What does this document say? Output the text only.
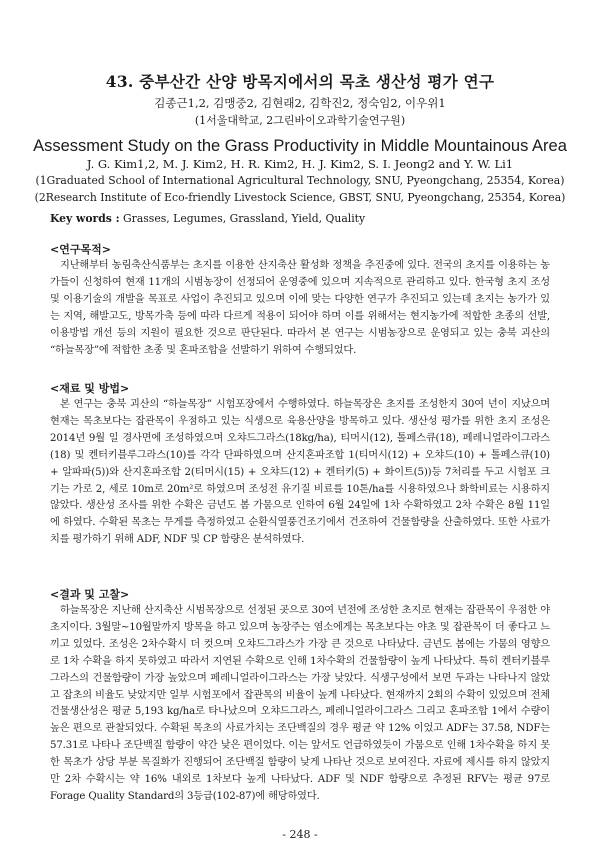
43. 중부산간 산양 방목지에서의 목초 생산성 평가 연구
김종근1,2, 김맹중2, 김현래2, 김학진2, 정숙임2, 이우위1
(1서울대학교, 2그린바이오과학기술연구원)
Assessment Study on the Grass Productivity in Middle Mountainous Area
J. G. Kim1,2, M. J. Kim2, H. R. Kim2, H. J. Kim2, S. I. Jeong2 and Y. W. Li1
(1Graduated School of International Agricultural Technology, SNU, Pyeongchang, 25354, Korea)
(2Research Institute of Eco-friendly Livestock Science, GBST, SNU, Pyeongchang, 25354, Korea)
Key words : Grasses, Legumes, Grassland, Yield, Quality
<연구목적>
지난해부터 농림축산식품부는 초지를 이용한 산지축산 활성화 정책을 추진중에 있다. 전국의 초지를 이용하는 농가들이 신청하여 현재 11개의 시범농장이 선정되어 운영중에 있으며 지속적으로 관리하고 있다. 한국형 초지 조성 및 이용기술의 개발을 목표로 사업이 추진되고 있으며 이에 맞는 다양한 연구가 추진되고 있는데 초지는 농가가 있는 지역, 해발고도, 방목가축 등에 따라 다르게 적용이 되어야 하며 이를 위해서는 현지농가에 적합한 초종의 선발, 이용방법 개선 등의 지원이 필요한 것으로 판단된다. 따라서 본 연구는 시범농장으로 운영되고 있는 충북 괴산의 “하늘목장”에 적합한 초종 및 혼파조합을 선발하기 위하여 수행되었다.
<재료 및 방법>
본 연구는 충북 괴산의 “하늘목장” 시험포장에서 수행하였다. 하늘목장은 초지를 조성한지 30여 년이 지났으며 현재는 목초보다는 잡관목이 우점하고 있는 식생으로 육용산양을 방목하고 있다. 생산성 평가를 위한 초지 조성은 2014년 9월 일 경사면에 조성하였으며 오챠드그라스(18kg/ha), 티머시(12), 톨페스큐(18), 페레니얼라이그라스(18) 및 켄터키블루그라스(10)를 각각 단파하였으며 산지혼파조합 1(티머시(12) + 오챠드(10) + 톨페스큐(10) + 알파파(5))와 산지혼파조합 2(티머시(15) + 오챠드(12) + 켄터키(5) + 화이트(5))등 7처리를 두고 시험포 크기는 가로 2, 세로 10m로 20m²로 하였으며 조성전 유기질 비료를 10톤/ha를 시용하였으나 화학비료는 시용하지 않았다. 생산성 조사를 위한 수확은 금년도 봄 가뭄으로 인하여 6월 24일에 1차 수확하였고 2차 수확은 8월 11일에 하였다. 수확된 목초는 무게를 측정하였고 순환식열풍건조기에서 건조하여 건물함량을 산출하였다. 또한 사료가치를 평가하기 위해 ADF, NDF 및 CP 함량은 분석하였다.
<결과 및 고찰>
하늘목장은 지난해 산지축산 시범목장으로 선정된 곳으로 30여 년전에 조성한 초지로 현재는 잡관목이 우점한 야초지이다. 3월말~10월말까지 방목을 하고 있으며 농장주는 염소에게는 목초보다는 야초 및 잡관목이 더 좋다고 느끼고 있었다. 조성은 2차수확시 더 컷으며 오챠드그라스가 가장 큰 것으로 나타났다. 금년도 봄에는 가뭄의 영향으로 1차 수확을 하지 못하였고 따라서 지연된 수확으로 인해 1차수확의 건물함량이 높게 나타났다. 특히 켄터키블루그라스의 건물함량이 가장 높았으며 페레니얼라이그라스는 가장 낮았다. 식생구성에서 보면 두과는 나타나지 않았고 잡초의 비율도 낮았지만 일부 시험포에서 잡관목의 비율이 높게 나타났다. 현재까지 2회의 수확이 있었으며 전체 건물생산성은 평균 5,193 kg/ha로 타나났으며 오챠드그라스, 페레니얼라이그라스 그리고 혼파조합 1에서 수량이 높은 편으로 관찰되었다. 수확된 목초의 사료가치는 조단백질의 경우 평균 약 12% 이었고 ADF는 37.58, NDF는 57.31로 나타나 조단백질 함량이 약간 낮은 편이었다. 이는 앞서도 언급하였듯이 가뭄으로 인해 1차수확을 하지 못한 목초가 상당 부분 목질화가 진행되어 조단백질 함량이 낮게 나타난 것으로 보여진다. 자료에 제시를 하지 않았지만 2차 수확시는 약 16% 내외로 1차보다 높게 나타났다. ADF 및 NDF 함량으로 추정된 RFV는 평균 97로 Forage Quality Standard의 3등급(102-87)에 해당하였다.
- 248 -
